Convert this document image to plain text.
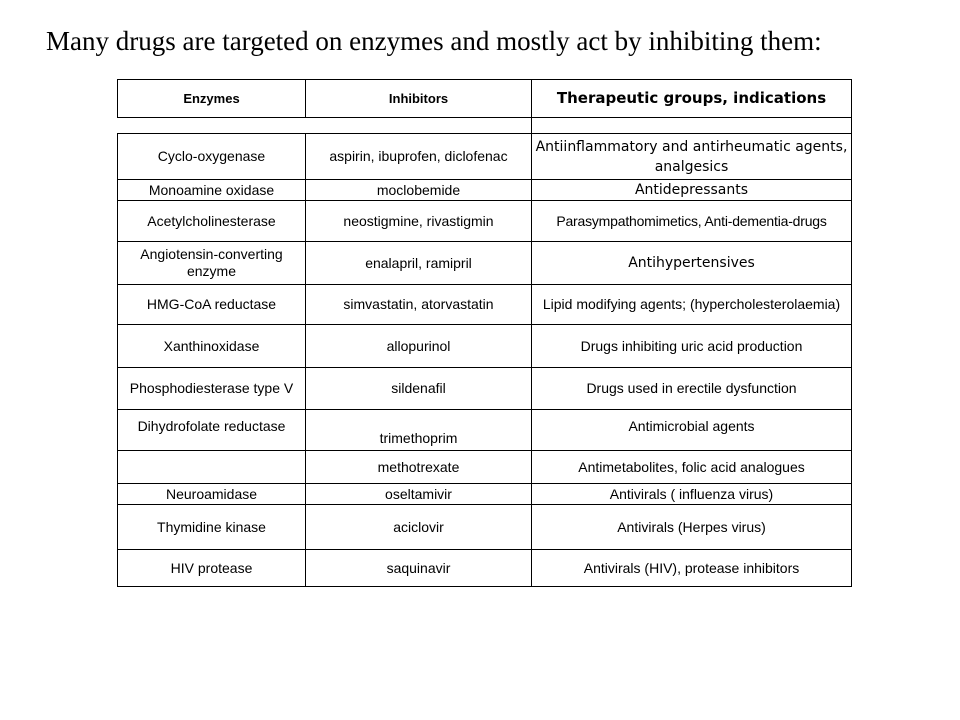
Many drugs are targeted on enzymes and mostly act by inhibiting them:
Enzymes	Inhibitors	Therapeutic groups, indications

Cyclo-oxygenase	aspirin, ibuprofen, diclofenac	Antiinflammatory and antirheumatic agents, analgesics
Monoamine oxidase	moclobemide	Antidepressants
Acetylcholinesterase	neostigmine, rivastigmin	Parasympathomimetics, Anti-dementia-drugs
Angiotensin-converting enzyme	enalapril, ramipril	Antihypertensives
HMG-CoA reductase	simvastatin, atorvastatin	Lipid modifying agents; (hypercholesterolaemia)
Xanthinoxidase	allopurinol	Drugs inhibiting uric acid production
Phosphodiesterase type V	sildenafil	Drugs used in erectile dysfunction
Dihydrofolate reductase	trimethoprim	Antimicrobial agents
	methotrexate	Antimetabolites, folic acid analogues
Neuroamidase	oseltamivir	Antivirals ( influenza virus)
Thymidine kinase	aciclovir	Antivirals (Herpes virus)
HIV protease	saquinavir	Antivirals (HIV), protease inhibitors
